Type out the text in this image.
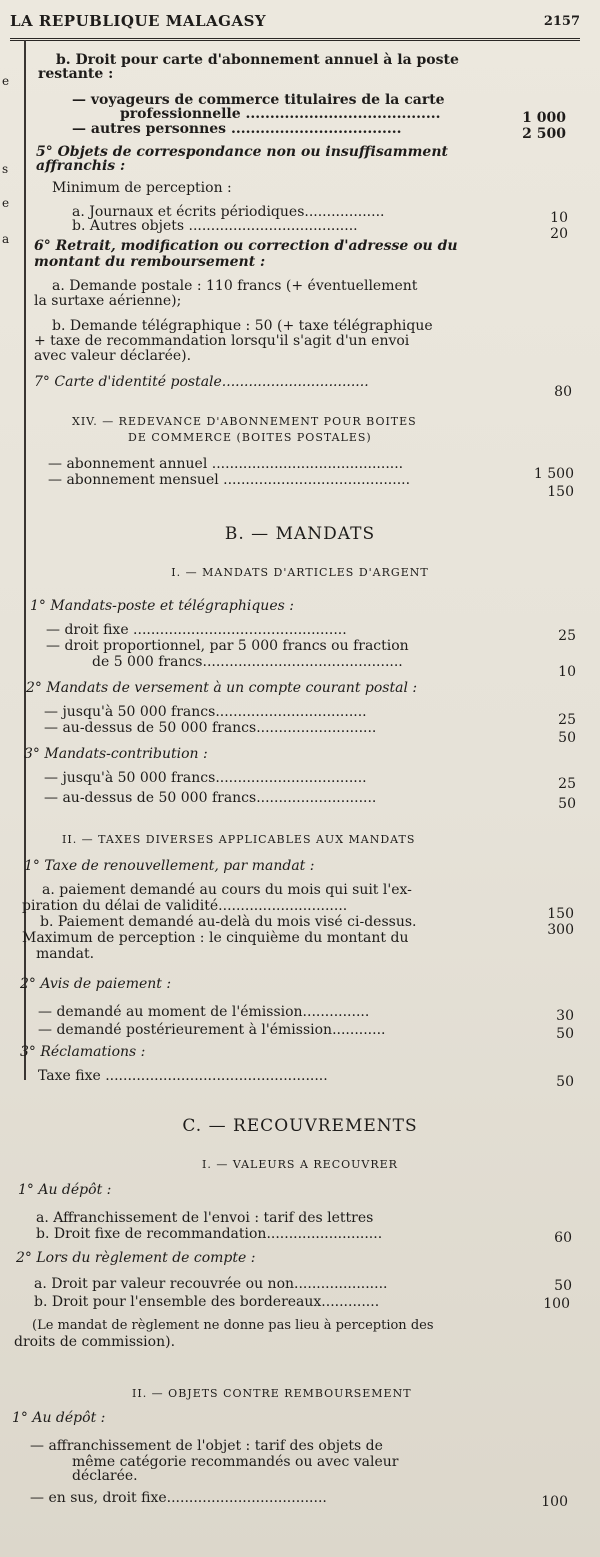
LA REPUBLIQUE MALAGASY	2157
e
s
e
a
b. Droit pour carte d'abonnement annuel à la poste
restante :
— voyageurs de commerce titulaires de la carte
professionnelle ........................................
— autres personnes ...................................
5° Objets de correspondance non ou insuffisamment
affranchis :
Minimum de perception :
a. Journaux et écrits périodiques..................
b. Autres objets ......................................
6° Retrait, modification ou correction d'adresse ou du
montant du remboursement :
a. Demande postale : 110 francs (+ éventuellement
la surtaxe aérienne);
b. Demande télégraphique : 50 (+ taxe télégraphique
+ taxe de recommandation lorsqu'il s'agit d'un envoi
avec valeur déclarée).
7° Carte d'identité postale.................................
XIV. — REDEVANCE D'ABONNEMENT POUR BOITES
DE COMMERCE (BOITES POSTALES)
— abonnement annuel ...........................................
— abonnement mensuel ..........................................
B. — MANDATS
I. — MANDATS D'ARTICLES D'ARGENT
1° Mandats-poste et télégraphiques :
— droit fixe ................................................
— droit proportionnel, par 5 000 francs ou fraction
de 5 000 francs.............................................
2° Mandats de versement à un compte courant postal :
— jusqu'à 50 000 francs..................................
— au-dessus de 50 000 francs...........................
3° Mandats-contribution :
— jusqu'à 50 000 francs..................................
— au-dessus de 50 000 francs...........................
II. — TAXES DIVERSES APPLICABLES AUX MANDATS
1° Taxe de renouvellement, par mandat :
a. paiement demandé au cours du mois qui suit l'ex-
piration du délai de validité.............................
b. Paiement demandé au-delà du mois visé ci-dessus.
Maximum de perception : le cinquième du montant du
mandat.
2° Avis de paiement :
— demandé au moment de l'émission...............
— demandé postérieurement à l'émission............
3° Réclamations :
Taxe fixe ..................................................
C. — RECOUVREMENTS
I. — VALEURS A RECOUVRER
1° Au dépôt :
a. Affranchissement de l'envoi : tarif des lettres
b. Droit fixe de recommandation..........................
2° Lors du règlement de compte :
a. Droit par valeur recouvrée ou non.....................
b. Droit pour l'ensemble des bordereaux.............
(Le mandat de règlement ne donne pas lieu à perception des
droits de commission).
II. — OBJETS CONTRE REMBOURSEMENT
1° Au dépôt :
— affranchissement de l'objet : tarif des objets de
même catégorie recommandés ou avec valeur
déclarée.
— en sus, droit fixe....................................
1 000
2 500
10
20
80
1 500
150
25
10
25
50
25
50
150
300
30
50
50
60
50
100
100
